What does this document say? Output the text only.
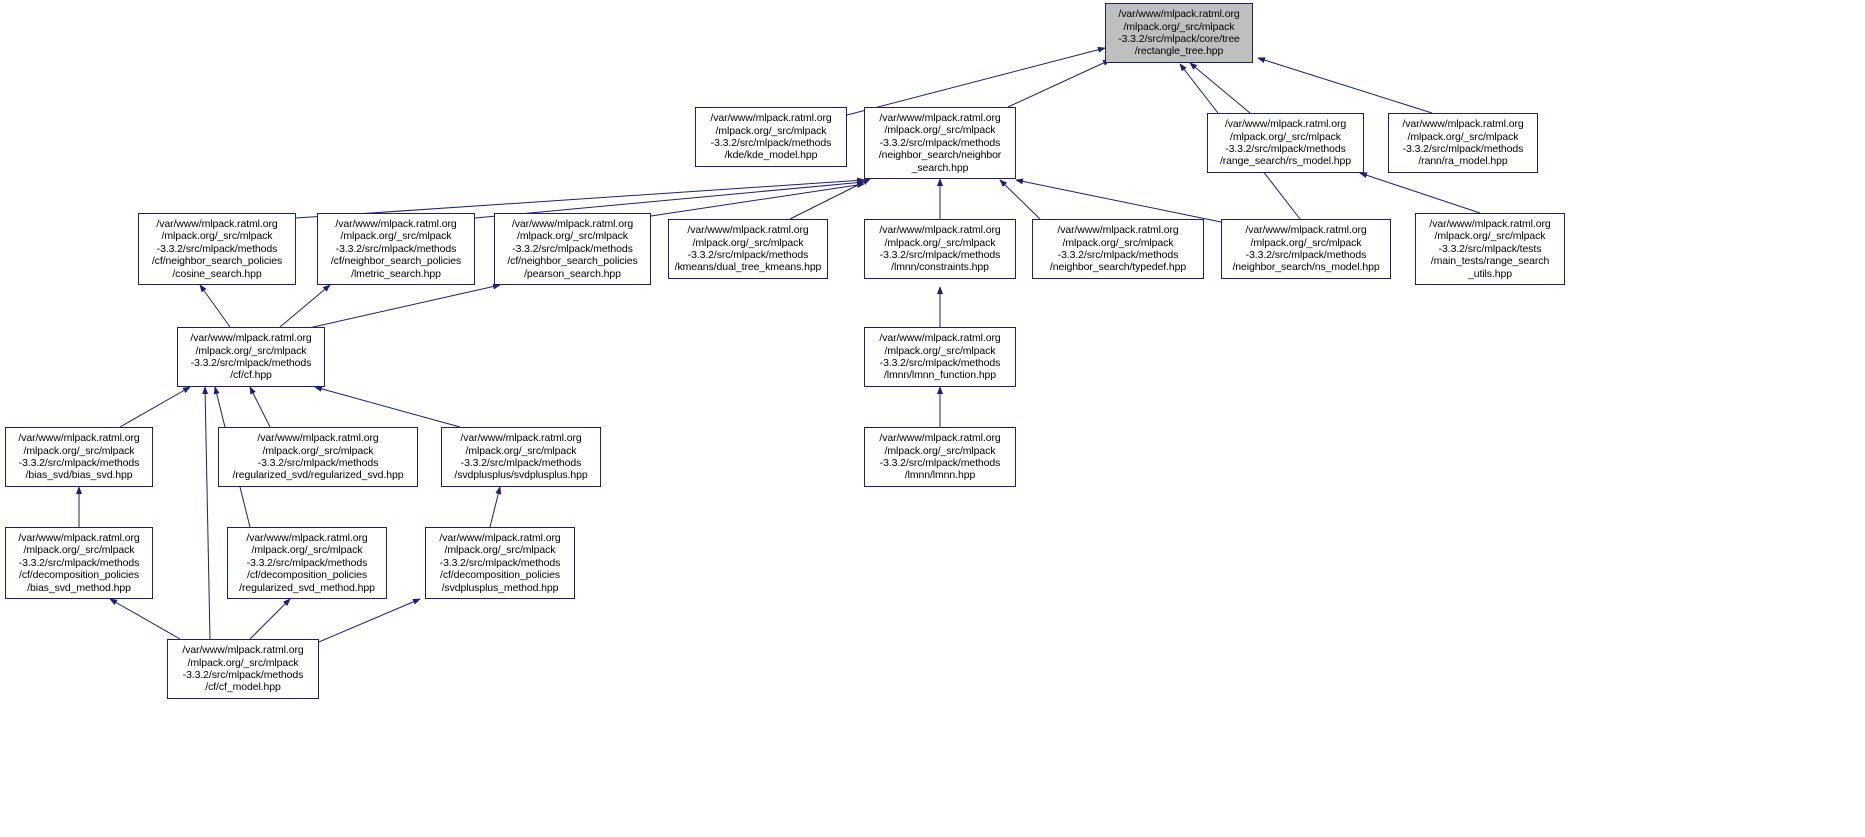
/var/www/mlpack.ratml.org
/mlpack.org/_src/mlpack
-3.3.2/src/mlpack/core/tree
/rectangle_tree.hpp
/var/www/mlpack.ratml.org
/mlpack.org/_src/mlpack
-3.3.2/src/mlpack/methods
/kde/kde_model.hpp
/var/www/mlpack.ratml.org
/mlpack.org/_src/mlpack
-3.3.2/src/mlpack/methods
/neighbor_search/neighbor
_search.hpp
/var/www/mlpack.ratml.org
/mlpack.org/_src/mlpack
-3.3.2/src/mlpack/methods
/range_search/rs_model.hpp
/var/www/mlpack.ratml.org
/mlpack.org/_src/mlpack
-3.3.2/src/mlpack/methods
/rann/ra_model.hpp
/var/www/mlpack.ratml.org
/mlpack.org/_src/mlpack
-3.3.2/src/mlpack/methods
/cf/neighbor_search_policies
/cosine_search.hpp
/var/www/mlpack.ratml.org
/mlpack.org/_src/mlpack
-3.3.2/src/mlpack/methods
/cf/neighbor_search_policies
/lmetric_search.hpp
/var/www/mlpack.ratml.org
/mlpack.org/_src/mlpack
-3.3.2/src/mlpack/methods
/cf/neighbor_search_policies
/pearson_search.hpp
/var/www/mlpack.ratml.org
/mlpack.org/_src/mlpack
-3.3.2/src/mlpack/methods
/kmeans/dual_tree_kmeans.hpp
/var/www/mlpack.ratml.org
/mlpack.org/_src/mlpack
-3.3.2/src/mlpack/methods
/lmnn/constraints.hpp
/var/www/mlpack.ratml.org
/mlpack.org/_src/mlpack
-3.3.2/src/mlpack/methods
/neighbor_search/typedef.hpp
/var/www/mlpack.ratml.org
/mlpack.org/_src/mlpack
-3.3.2/src/mlpack/methods
/neighbor_search/ns_model.hpp
/var/www/mlpack.ratml.org
/mlpack.org/_src/mlpack
-3.3.2/src/mlpack/tests
/main_tests/range_search
_utils.hpp
/var/www/mlpack.ratml.org
/mlpack.org/_src/mlpack
-3.3.2/src/mlpack/methods
/cf/cf.hpp
/var/www/mlpack.ratml.org
/mlpack.org/_src/mlpack
-3.3.2/src/mlpack/methods
/lmnn/lmnn_function.hpp
/var/www/mlpack.ratml.org
/mlpack.org/_src/mlpack
-3.3.2/src/mlpack/methods
/lmnn/lmnn.hpp
/var/www/mlpack.ratml.org
/mlpack.org/_src/mlpack
-3.3.2/src/mlpack/methods
/bias_svd/bias_svd.hpp
/var/www/mlpack.ratml.org
/mlpack.org/_src/mlpack
-3.3.2/src/mlpack/methods
/regularized_svd/regularized_svd.hpp
/var/www/mlpack.ratml.org
/mlpack.org/_src/mlpack
-3.3.2/src/mlpack/methods
/svdplusplus/svdplusplus.hpp
/var/www/mlpack.ratml.org
/mlpack.org/_src/mlpack
-3.3.2/src/mlpack/methods
/cf/decomposition_policies
/bias_svd_method.hpp
/var/www/mlpack.ratml.org
/mlpack.org/_src/mlpack
-3.3.2/src/mlpack/methods
/cf/decomposition_policies
/regularized_svd_method.hpp
/var/www/mlpack.ratml.org
/mlpack.org/_src/mlpack
-3.3.2/src/mlpack/methods
/cf/decomposition_policies
/svdplusplus_method.hpp
/var/www/mlpack.ratml.org
/mlpack.org/_src/mlpack
-3.3.2/src/mlpack/methods
/cf/cf_model.hpp
